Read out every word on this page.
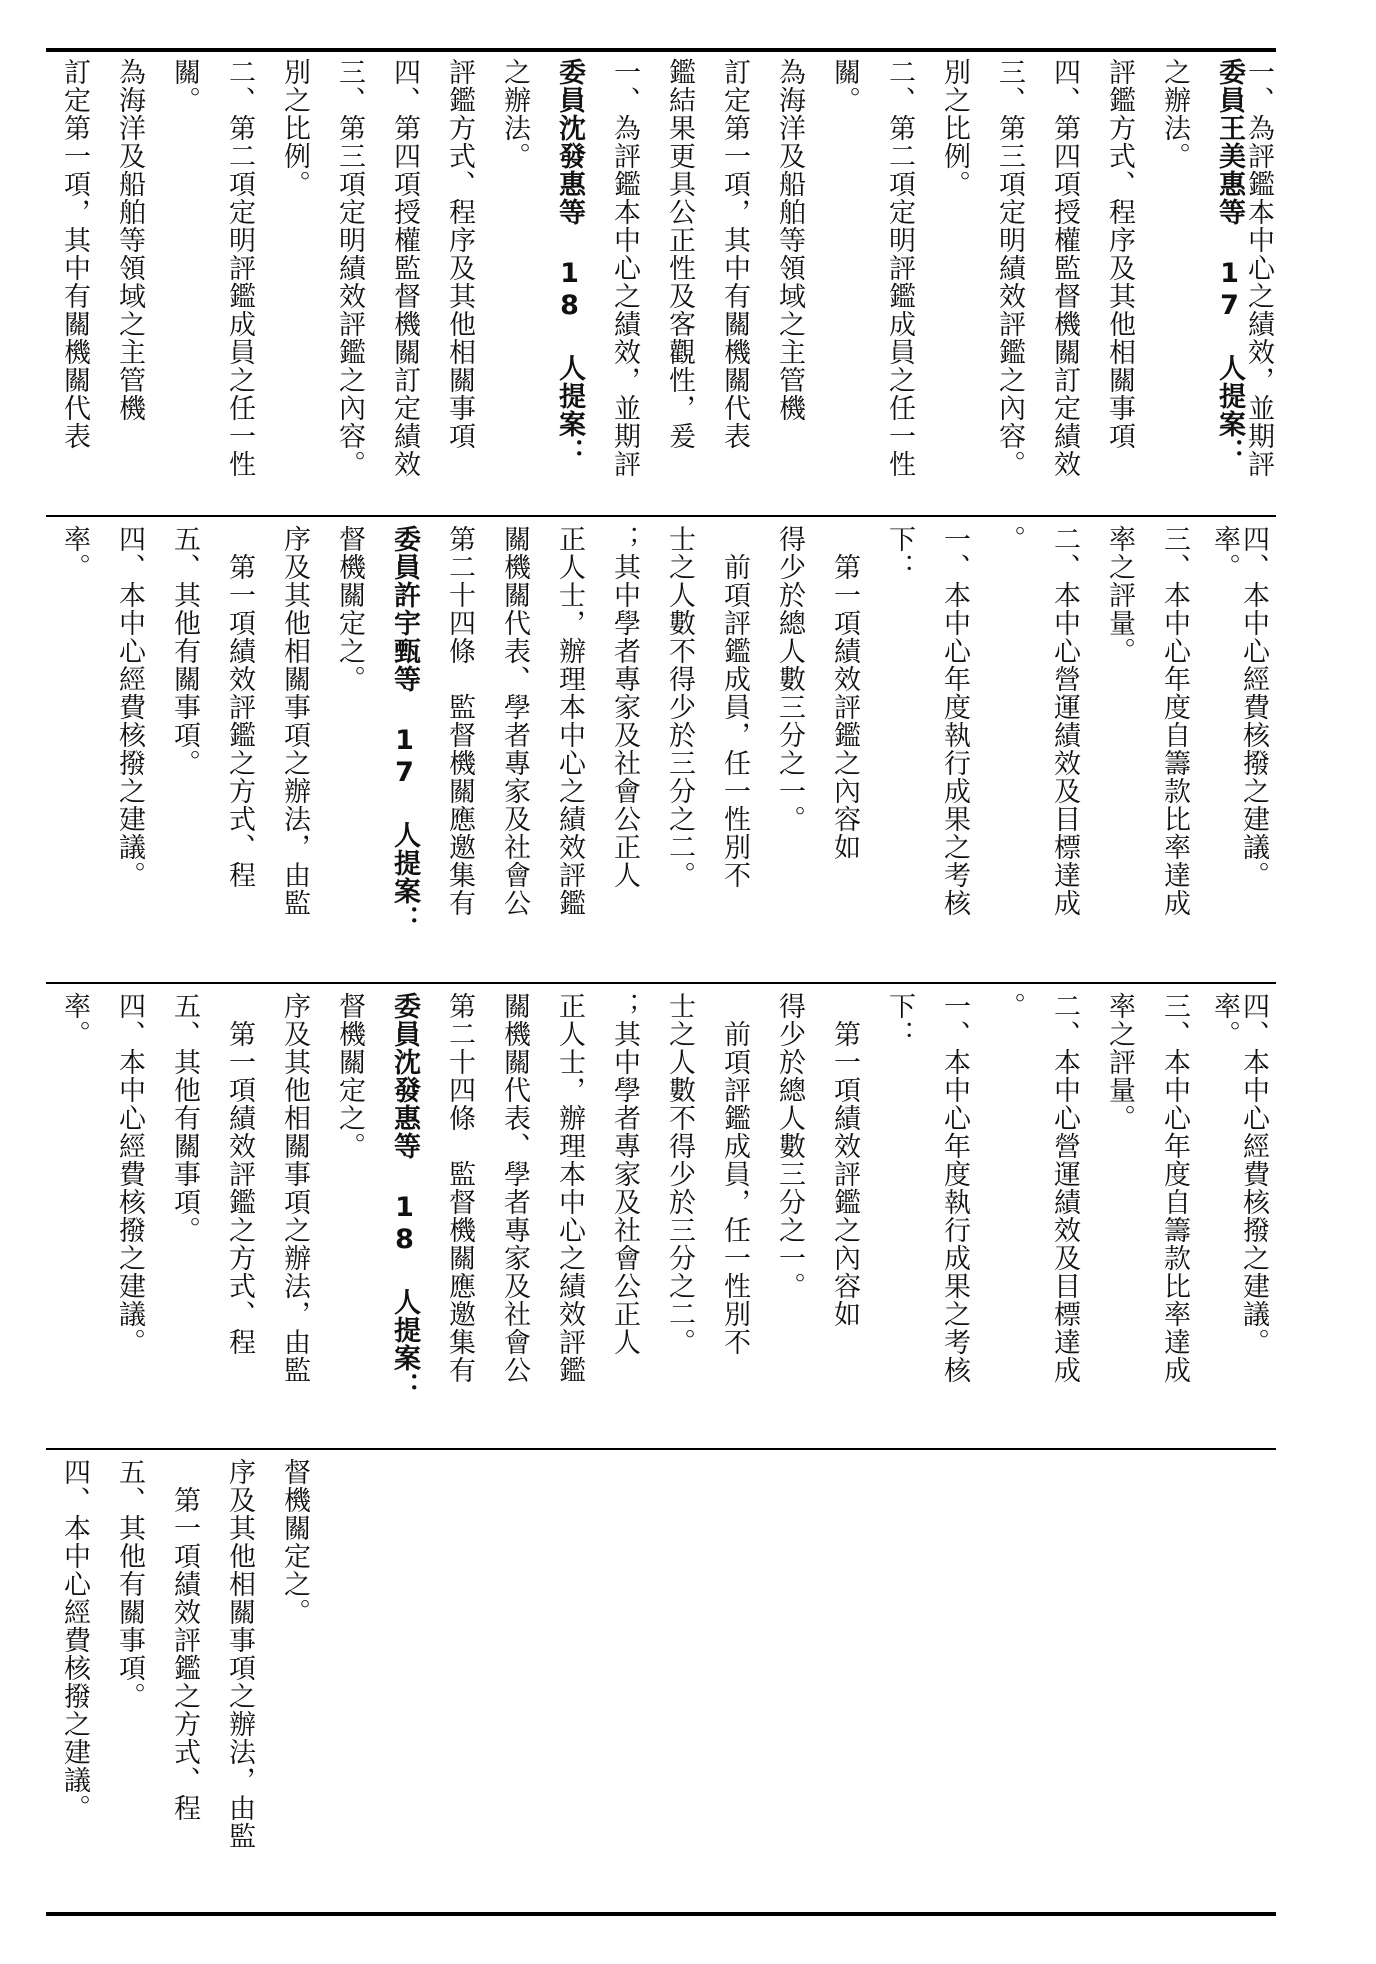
訂定第一項，其中有關機關代表 為海洋及船舶等領域之主管機 關。 二、第二項定明評鑑成員之任一性 別之比例。 三、第三項定明績效評鑑之內容。 四、第四項授權監督機關訂定績效 評鑑方式、程序及其他相關事項 之辦法。 委員沈發惠等 18 人提案： 一、為評鑑本中心之績效，並期評 鑑結果更具公正性及客觀性，爰 訂定第一項，其中有關機關代表 為海洋及船舶等領域之主管機 關。 二、第二項定明評鑑成員之任一性 別之比例。 三、第三項定明績效評鑑之內容。 四、第四項授權監督機關訂定績效 評鑑方式、程序及其他相關事項 之辦法。 委員王美惠等 17 人提案：
一、為評鑑本中心之績效，並期評
率。 四、本中心經費核撥之建議。 五、其他有關事項。 　第一項績效評鑑之方式、程 序及其他相關事項之辦法，由監 督機關定之。 委員許宇甄等 17 人提案： 第二十四條　監督機關應邀集有 關機關代表、學者專家及社會公 正人士，辦理本中心之績效評鑑 ；其中學者專家及社會公正人 士之人數不得少於三分之二。 　前項評鑑成員，任一性別不 得少於總人數三分之一。 　第一項績效評鑑之內容如 下： 一、本中心年度執行成果之考核 。 二、本中心營運績效及目標達成 率之評量。 三、本中心年度自籌款比率達成 率。
四、本中心經費核撥之建議。
率。 四、本中心經費核撥之建議。 五、其他有關事項。 　第一項績效評鑑之方式、程 序及其他相關事項之辦法，由監 督機關定之。 委員沈發惠等 18 人提案： 第二十四條　監督機關應邀集有 關機關代表、學者專家及社會公 正人士，辦理本中心之績效評鑑 ；其中學者專家及社會公正人 士之人數不得少於三分之二。 　前項評鑑成員，任一性別不 得少於總人數三分之一。 　第一項績效評鑑之內容如 下： 一、本中心年度執行成果之考核 。 二、本中心營運績效及目標達成 率之評量。 三、本中心年度自籌款比率達成 率。
四、本中心經費核撥之建議。
四、本中心經費核撥之建議。 五、其他有關事項。 　第一項績效評鑑之方式、程 序及其他相關事項之辦法，由監 督機關定之。
